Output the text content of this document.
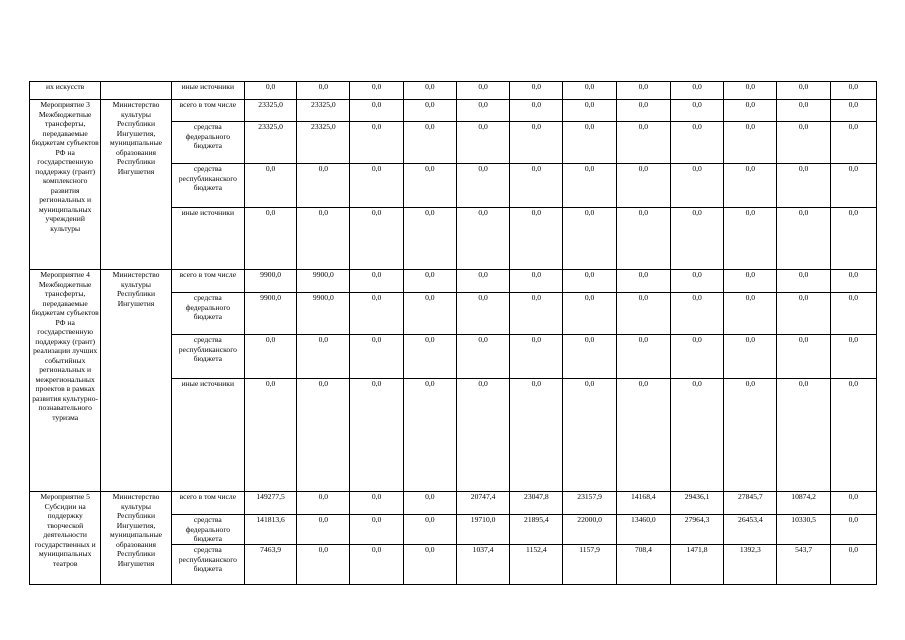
их искусств		иные источники	0,0	0,0	0,0	0,0	0,0	0,0	0,0	0,0	0,0	0,0	0,0	0,0
Мероприятие 3 Межбюджетные трансферты, передаваемые бюджетам субъектов РФ на государственную поддержку (грант) комплексного развития региональных и муниципальных учреждений культуры	Министерство культуры Республики Ингушетия, муниципальные образования Республики Ингушетия	всего в том числе	23325,0	23325,0	0,0	0,0	0,0	0,0	0,0	0,0	0,0	0,0	0,0	0,0
		средства федерального бюджета	23325,0	23325,0	0,0	0,0	0,0	0,0	0,0	0,0	0,0	0,0	0,0	0,0
		средства республиканского бюджета	0,0	0,0	0,0	0,0	0,0	0,0	0,0	0,0	0,0	0,0	0,0	0,0
		иные источники	0,0	0,0	0,0	0,0	0,0	0,0	0,0	0,0	0,0	0,0	0,0	0,0
Мероприятие 4 Межбюджетные трансферты, передаваемые бюджетам субъектов РФ на государственную поддержку (грант) реализации лучших событийных региональных и межрегиональных проектов в рамках развития культурно-познавательного туризма	Министерство культуры Республики Ингушетия	всего в том числе	9900,0	9900,0	0,0	0,0	0,0	0,0	0,0	0,0	0,0	0,0	0,0	0,0
		средства федерального бюджета	9900,0	9900,0	0,0	0,0	0,0	0,0	0,0	0,0	0,0	0,0	0,0	0,0
		средства республиканского бюджета	0,0	0,0	0,0	0,0	0,0	0,0	0,0	0,0	0,0	0,0	0,0	0,0
		иные источники	0,0	0,0	0,0	0,0	0,0	0,0	0,0	0,0	0,0	0,0	0,0	0,0
Мероприятие 5 Субсидии на поддержку творческой деятельности государственных и муниципальных театров	Министерство культуры Республики Ингушетия, муниципальные образования Республики Ингушетия	всего в том числе	149277,5	0,0	0,0	0,0	20747,4	23047,8	23157,9	14168,4	29436,1	27845,7	10874,2	0,0
		средства федерального бюджета	141813,6	0,0	0,0	0,0	19710,0	21895,4	22000,0	13460,0	27964,3	26453,4	10330,5	0,0
		средства республиканского бюджета	7463,9	0,0	0,0	0,0	1037,4	1152,4	1157,9	708,4	1471,8	1392,3	543,7	0,0
